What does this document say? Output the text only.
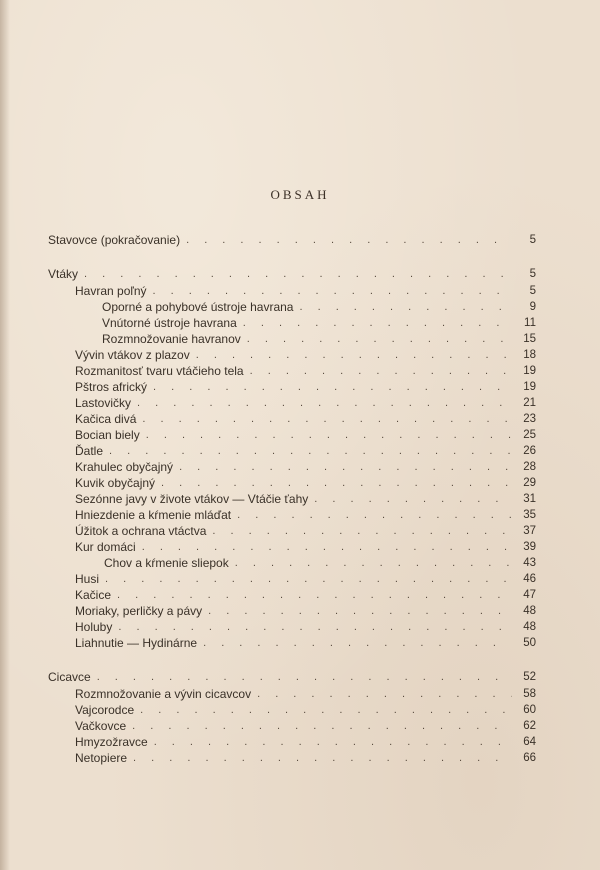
OBSAH
Stavovce (pokračovanie) . . .	5
Vtáky . . .	5
Havran poľný . . .	5
Oporné a pohybové ústroje havrana . . .	9
Vnútorné ústroje havrana . . .	11
Rozmnožovanie havranov . . .	15
Vývin vtákov z plazov . . .	18
Rozmanitosť tvaru vtáčieho tela . . .	19
Pštros africký . . .	19
Lastovičky . . .	21
Kačica divá . . .	23
Bocian biely . . .	25
Ďatle . . .	26
Krahulec obyčajný . . .	28
Kuvik obyčajný . . .	29
Sezónne javy v živote vtákov — Vtáčie ťahy . . .	31
Hniezdenie a kŕmenie mláďat . . .	35
Úžitok a ochrana vtáctva . . .	37
Kur domáci . . .	39
Chov a kŕmenie sliepok . . .	43
Husi . . .	46
Kačice . . .	47
Moriaky, perličky a pávy . . .	48
Holuby . . .	48
Liahnutie — Hydinárne . . .	50
Cicavce . . .	52
Rozmnožovanie a vývin cicavcov . . .	58
Vajcorodce . . .	60
Vačkovce . . .	62
Hmyzožravce . . .	64
Netopiere . . .	66
